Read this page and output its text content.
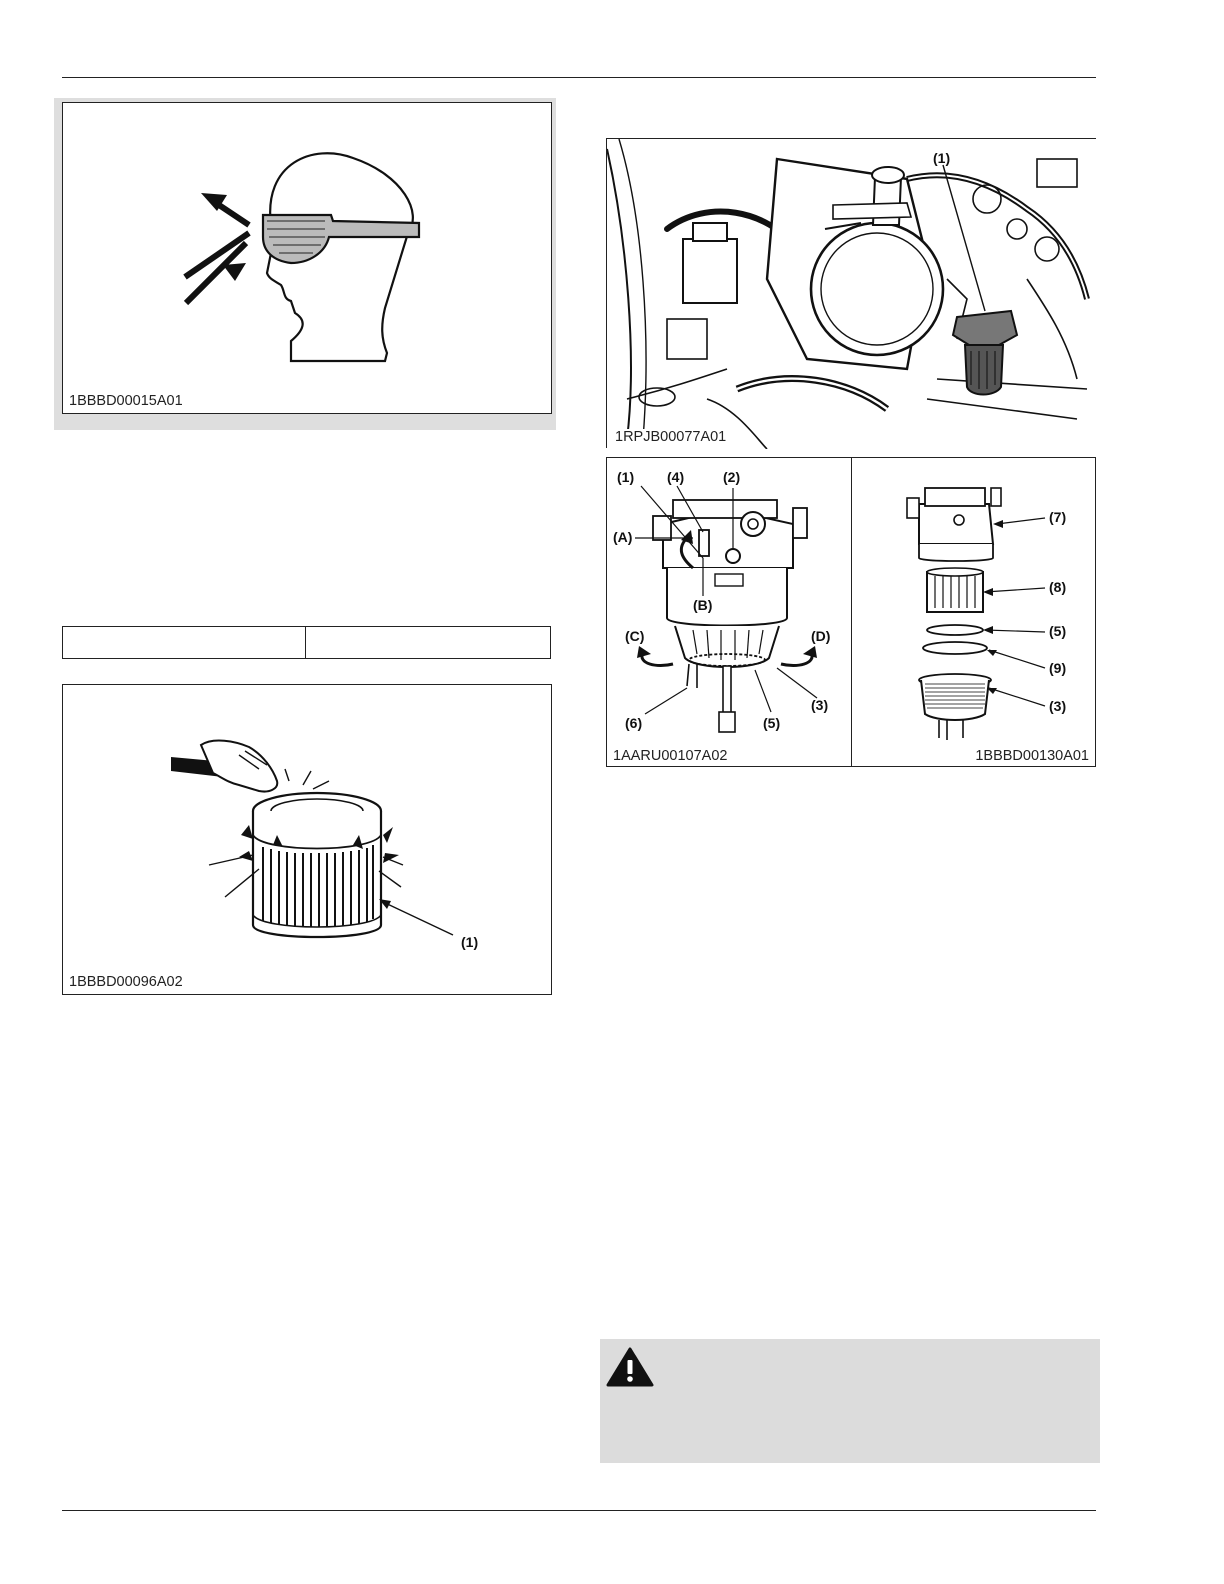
1BBBD00015A01
(1)
1BBBD00096A02
(1)
1RPJB00077A01
(1) (4)	(2)
(A)
(B)
(C)	(D)
(6)	(5)
(3)
(7)
(8)
(5)
(9)
(3)
1AARU00107A02	1BBBD00130A01
